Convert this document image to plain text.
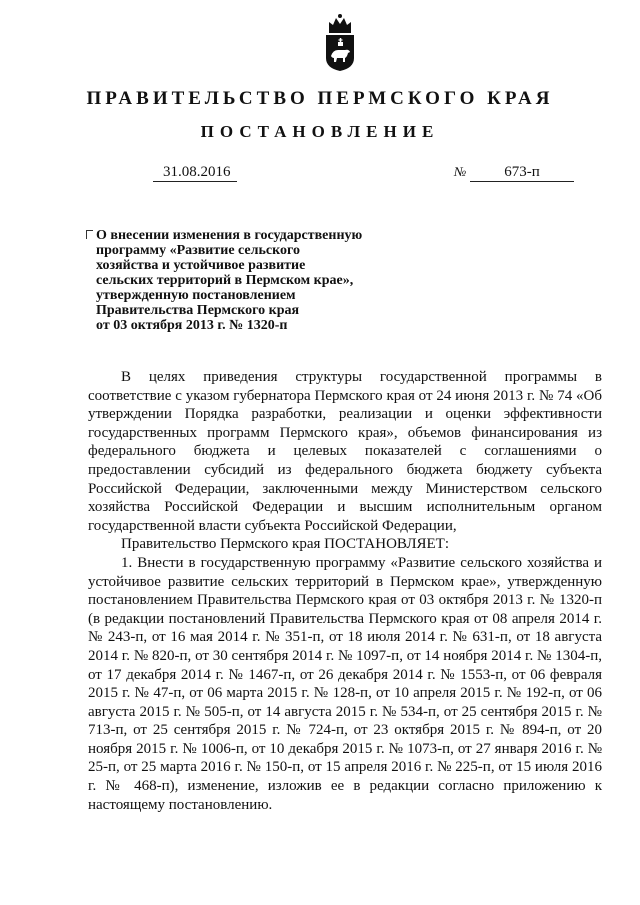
ПРАВИТЕЛЬСТВО ПЕРМСКОГО КРАЯ
ПОСТАНОВЛЕНИЕ
31.08.2016	№	673-п
О внесении изменения в государственную
программу «Развитие сельского
хозяйства и устойчивое развитие
сельских территорий в Пермском крае»,
утвержденную постановлением
Правительства Пермского края
от 03 октября 2013 г. № 1320-п

В целях приведения структуры государственной программы в соответствие с указом губернатора Пермского края от 24 июня 2013 г. № 74 «Об утверждении Порядка разработки, реализации и оценки эффективности государственных программ Пермского края», объемов финансирования из федерального бюджета и целевых показателей с соглашениями о предоставлении субсидий из федерального бюджета бюджету субъекта Российской Федерации, заключенными между Министерством сельского хозяйства Российской Федерации и высшим исполнительным органом государственной власти субъекта Российской Федерации,

Правительство Пермского края ПОСТАНОВЛЯЕТ:

1. Внести в государственную программу «Развитие сельского хозяйства и устойчивое развитие сельских территорий в Пермском крае», утвержденную постановлением Правительства Пермского края от 03 октября 2013 г. № 1320-п (в редакции постановлений Правительства Пермского края от 08 апреля 2014 г. № 243-п, от 16 мая 2014 г. № 351-п, от 18 июля 2014 г. № 631-п, от 18 августа 2014 г. № 820-п, от 30 сентября 2014 г. № 1097-п, от 14 ноября 2014 г. № 1304-п, от 17 декабря 2014 г. № 1467-п, от 26 декабря 2014 г. № 1553-п, от 06 февраля 2015 г. № 47-п, от 06 марта 2015 г. № 128-п, от 10 апреля 2015 г. № 192-п, от 06 августа 2015 г. № 505-п, от 14 августа 2015 г. № 534-п, от 25 сентября 2015 г. № 713-п, от 25 сентября 2015 г. № 724-п, от 23 октября 2015 г. № 894-п, от 20 ноября 2015 г. № 1006-п, от 10 декабря 2015 г. № 1073-п, от 27 января 2016 г. № 25-п, от 25 марта 2016 г. № 150-п, от 15 апреля 2016 г. № 225-п, от 15 июля 2016 г. № 468-п), изменение, изложив ее в редакции согласно приложению к настоящему постановлению.
